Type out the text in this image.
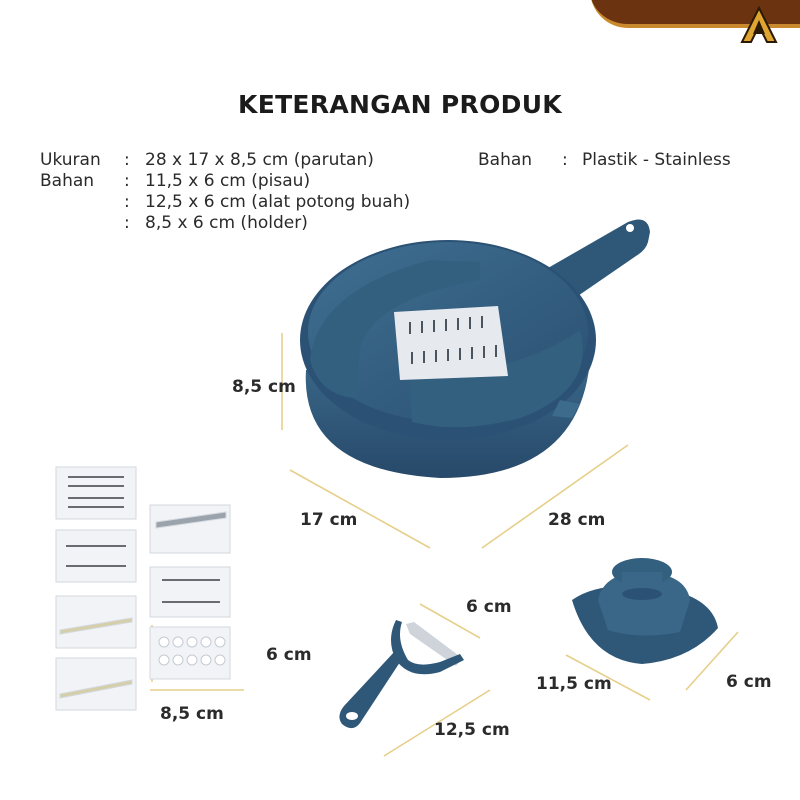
KETERANGAN PRODUK
Ukuran
Bahan
:
:
:
:
28 x 17 x 8,5 cm (parutan)
11,5 x 6 cm (pisau)
12,5 x 6 cm (alat potong buah)
8,5 x 6 cm (holder)
Bahan : Plastik - Stainless
8,5 cm
17 cm	28 cm
6 cm
8,5 cm
6 cm
12,5 cm
11,5 cm	6 cm
